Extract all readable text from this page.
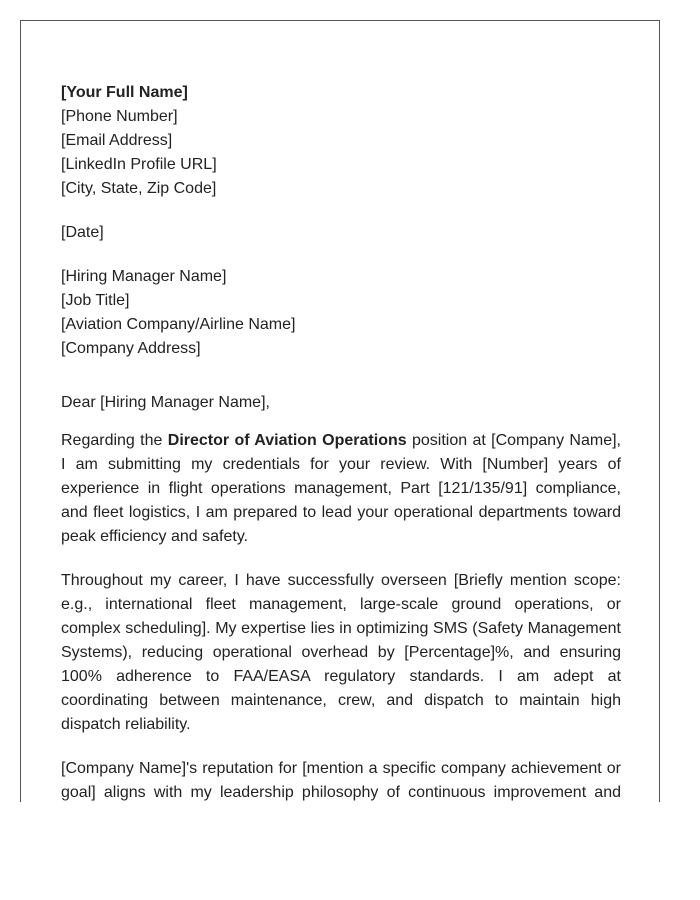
[Your Full Name]
[Phone Number]
[Email Address]
[LinkedIn Profile URL]
[City, State, Zip Code]
[Date]
[Hiring Manager Name]
[Job Title]
[Aviation Company/Airline Name]
[Company Address]
Dear [Hiring Manager Name],

Regarding the Director of Aviation Operations position at [Company Name], I am submitting my credentials for your review. With [Number] years of experience in flight operations management, Part [121/135/91] compliance, and fleet logistics, I am prepared to lead your operational departments toward peak efficiency and safety.

Throughout my career, I have successfully overseen [Briefly mention scope: e.g., international fleet management, large-scale ground operations, or complex scheduling]. My expertise lies in optimizing SMS (Safety Management Systems), reducing operational overhead by [Percentage]%, and ensuring 100% adherence to FAA/EASA regulatory standards. I am adept at coordinating between maintenance, crew, and dispatch to maintain high dispatch reliability.

[Company Name]'s reputation for [mention a specific company achievement or goal] aligns with my leadership philosophy of continuous improvement and
